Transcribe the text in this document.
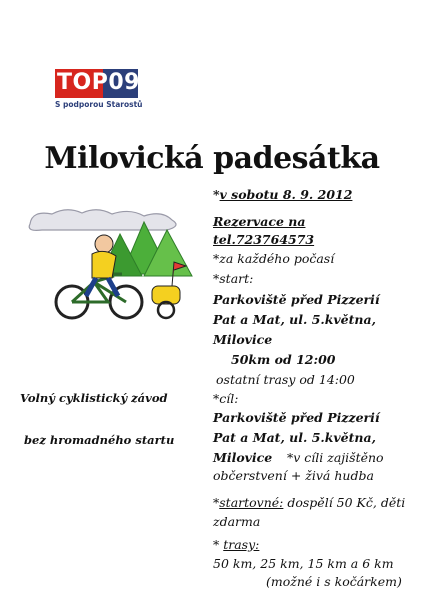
TOP09
S podporou Starostů
Milovická padesátka
*v sobotu 8. 9. 2012
Rezervace na
tel.723764573
*za každého počasí
*start:
Parkoviště před Pizzerií
Pat a Mat, ul. 5.května,
Milovice
50km od 12:00
ostatní trasy od 14:00
*cíl:
Parkoviště před Pizzerií
Pat a Mat, ul. 5.května,
Milovice *v cíli zajištěno
občerstvení + živá hudba
*startovné: dospělí 50 Kč, děti
zdarma
* trasy:
50 km, 25 km, 15 km a 6 km
(možné i s kočárkem)
Volný cyklistický závod
bez hromadného startu
